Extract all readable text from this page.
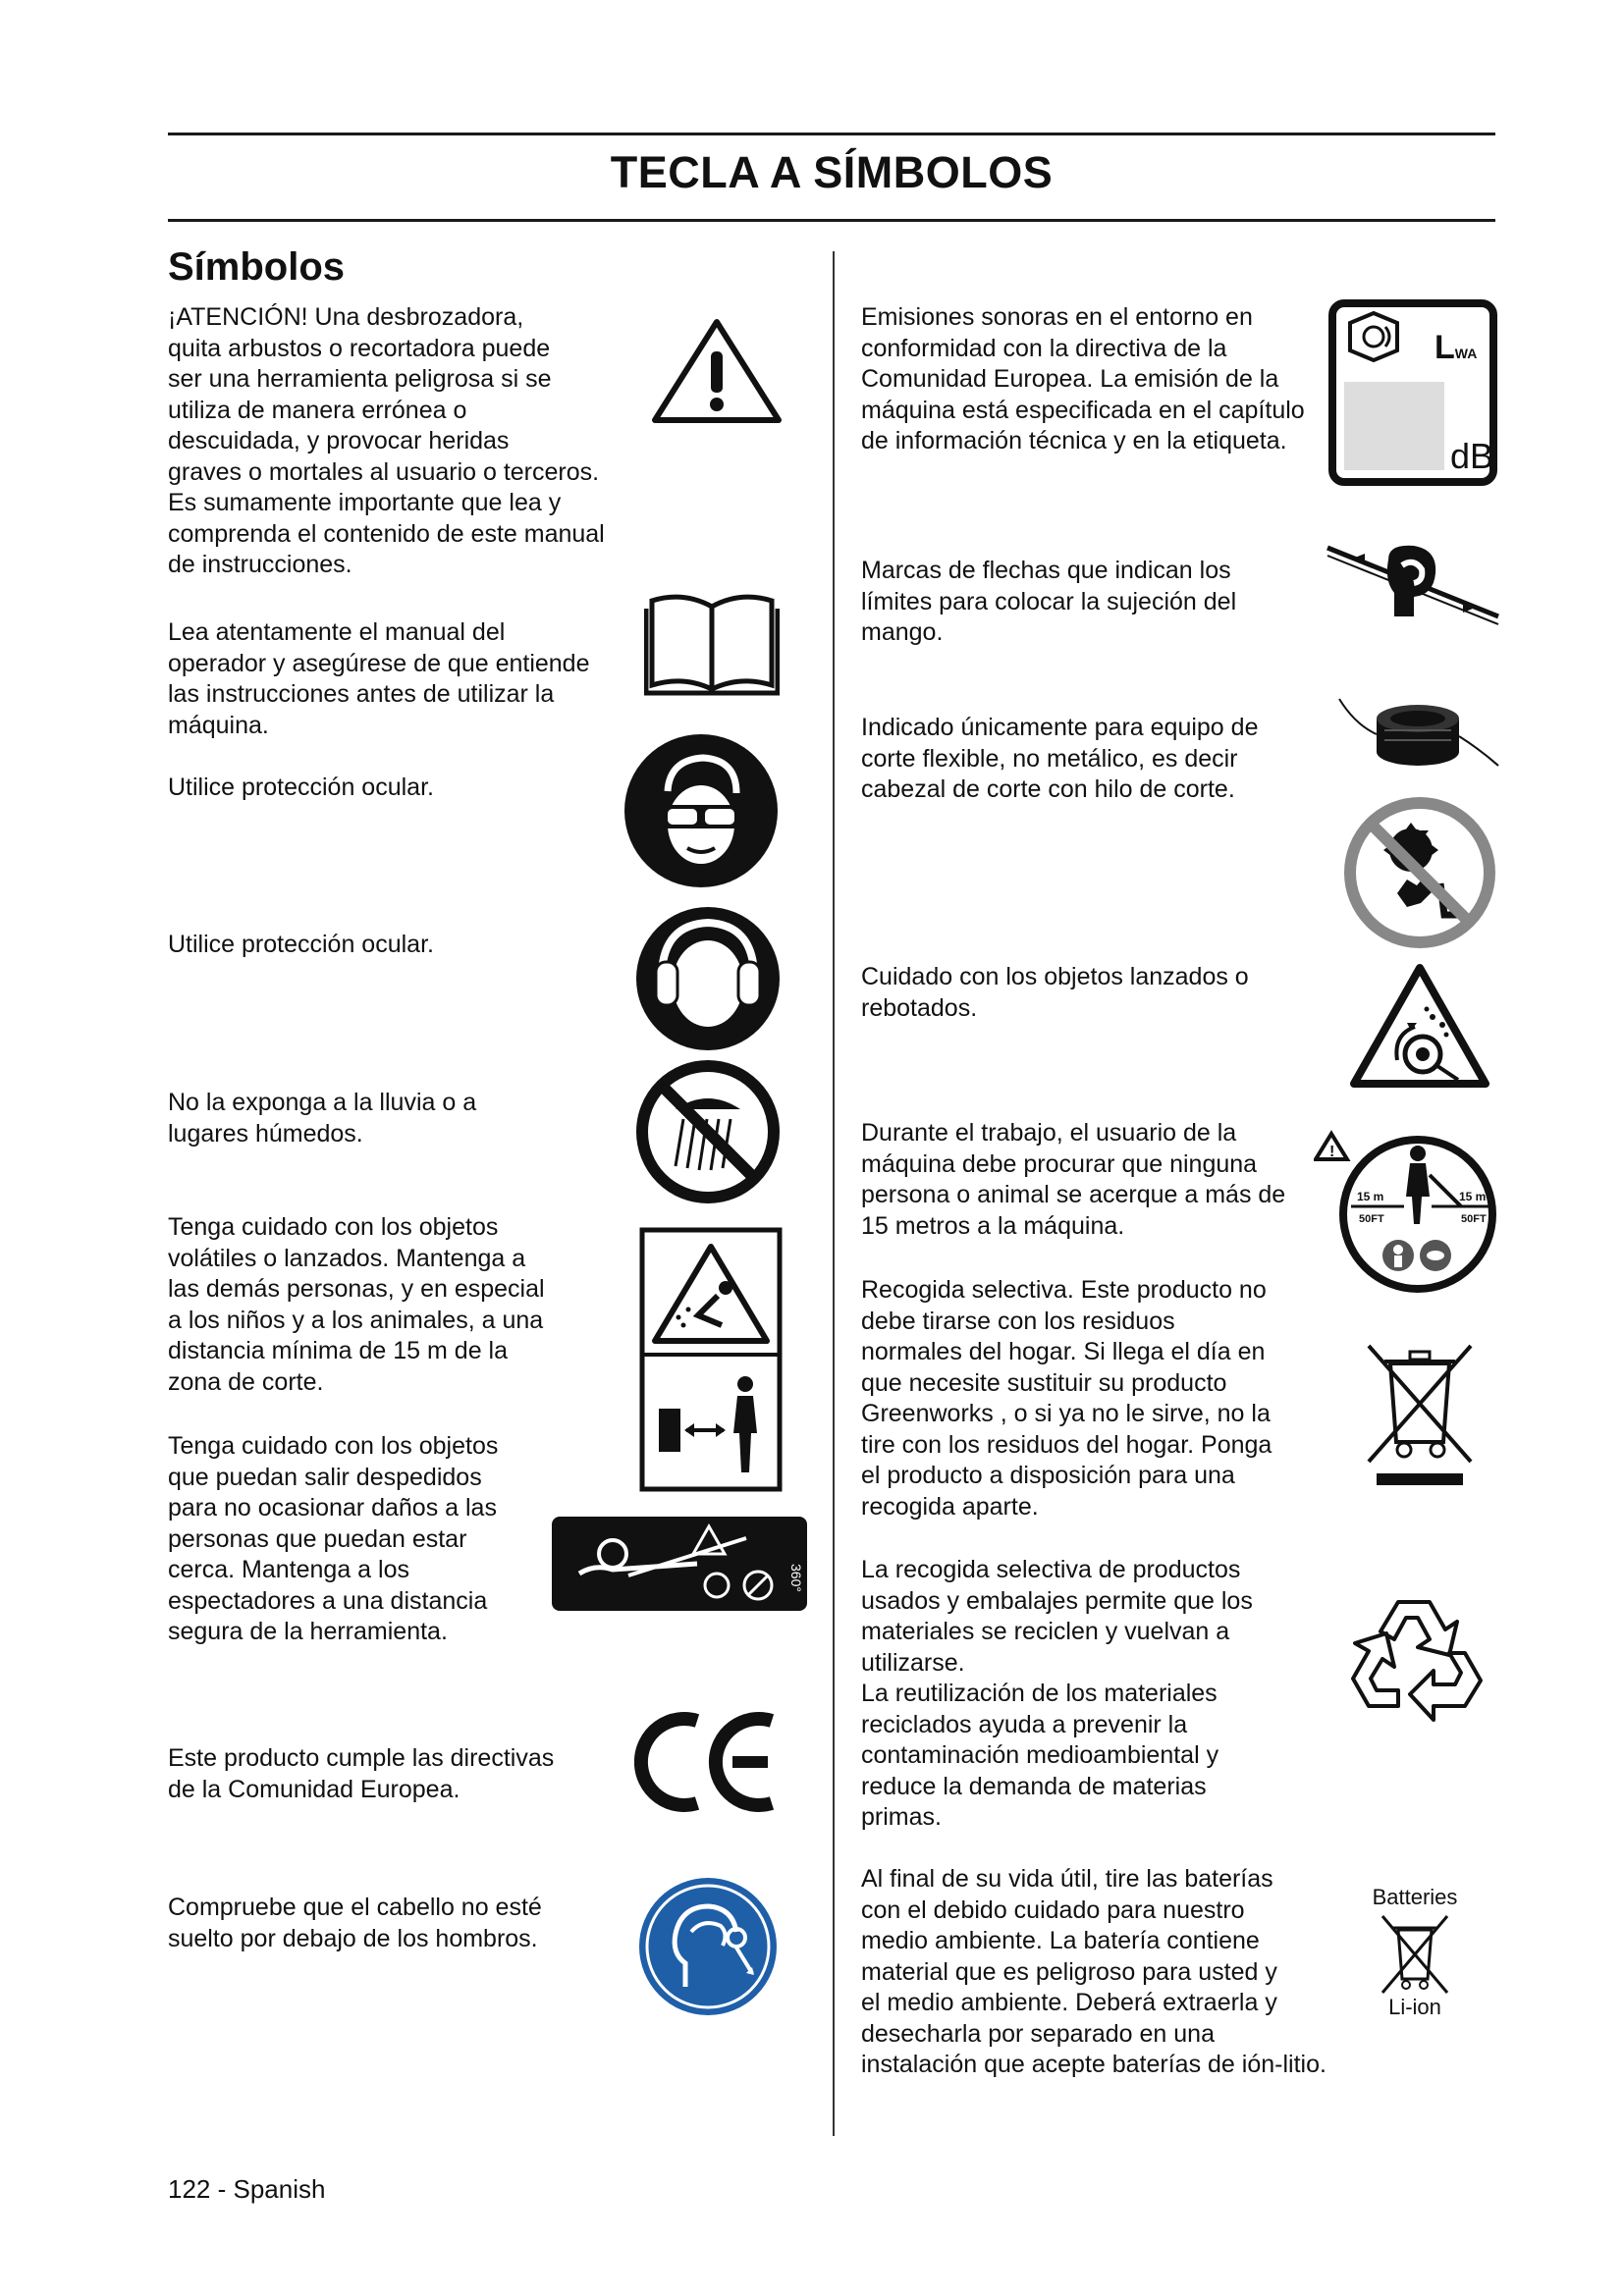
TECLA A SÍMBOLOS
Símbolos
¡ATENCIÓN! Una desbrozadora,
quita arbustos o recortadora puede
ser una herramienta peligrosa si se
utiliza de manera errónea o
descuidada, y provocar heridas
graves o mortales al usuario o terceros.
Es sumamente importante que lea y
comprenda el contenido de este manual
de instrucciones.
Lea atentamente el manual del
operador y asegúrese de que entiende
las instrucciones antes de utilizar la
máquina.
Utilice protección ocular.
Utilice protección ocular.
No la exponga a la lluvia o a
lugares húmedos.
Tenga cuidado con los objetos
volátiles o lanzados. Mantenga a
las demás personas, y en especial
a los niños y a los animales, a una
distancia mínima de 15 m de la
zona de corte.
Tenga cuidado con los objetos
que puedan salir despedidos
para no ocasionar daños a las
personas que puedan estar
cerca. Mantenga a los
espectadores a una distancia
segura de la herramienta.
Este producto cumple las directivas
de la Comunidad Europea.
Compruebe que el cabello no esté
suelto por debajo de los hombros.
360°
Emisiones sonoras en el entorno en
conformidad con la directiva de la
Comunidad Europea. La emisión de la
máquina está especificada en el capítulo
de información técnica y en la etiqueta.
Marcas de flechas que indican los
límites para colocar la sujeción del
mango.
Indicado únicamente para equipo de
corte flexible, no metálico, es decir
cabezal de corte con hilo de corte.
Cuidado con los objetos lanzados o
rebotados.
Durante el trabajo, el usuario de la
máquina debe procurar que ninguna
persona o animal se acerque a más de
15 metros a la máquina.
Recogida selectiva. Este producto no
debe tirarse con los residuos
normales del hogar. Si llega el día en
que necesite sustituir su producto
Greenworks , o si ya no le sirve, no la
tire con los residuos del hogar. Ponga
el producto a disposición para una
recogida aparte.
La recogida selectiva de productos
usados y embalajes permite que los
materiales se reciclen y vuelvan a
utilizarse.
La reutilización de los materiales
reciclados ayuda a prevenir la
contaminación medioambiental y
reduce la demanda de materias
primas.
Al final de su vida útil, tire las baterías
con el debido cuidado para nuestro
medio ambiente. La batería contiene
material que es peligroso para usted y
el medio ambiente. Deberá extraerla y
desecharla por separado en una
instalación que acepte baterías de ión-litio.
LWA
dB
!
15 m	15 m
50FT	50FT
Batteries
Li-ion
122 - Spanish
